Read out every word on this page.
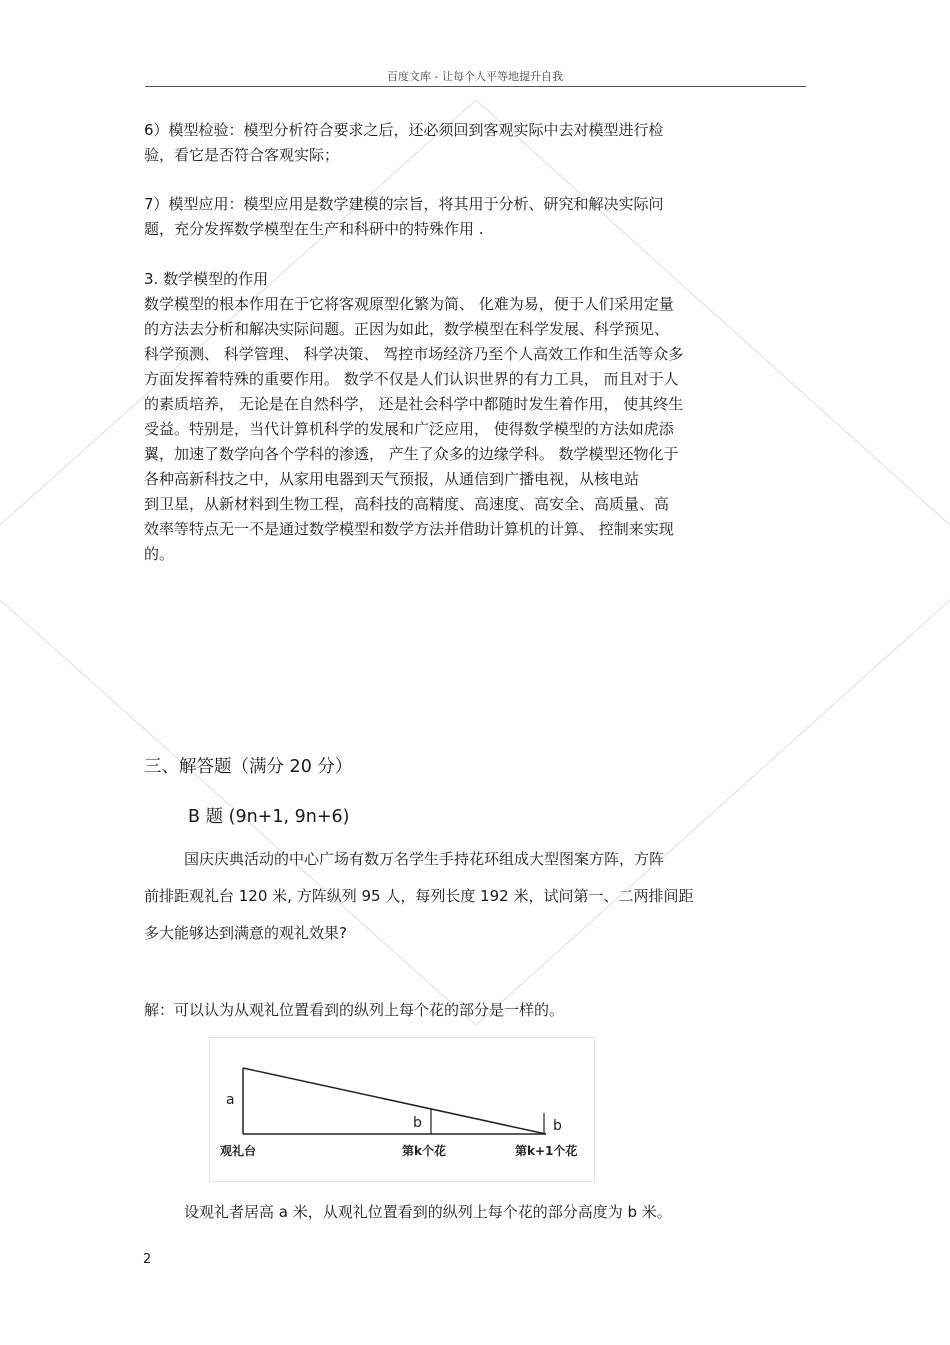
百度文库 - 让每个人平等地提升自我
6）模型检验：模型分析符合要求之后，还必须回到客观实际中去对模型进行检
验，看它是否符合客观实际；
7）模型应用：模型应用是数学建模的宗旨，将其用于分析、研究和解决实际问
题，充分发挥数学模型在生产和科研中的特殊作用 .
3. 数学模型的作用
数学模型的根本作用在于它将客观原型化繁为简、 化难为易，便于人们采用定量
的方法去分析和解决实际问题。正因为如此，数学模型在科学发展、科学预见、
科学预测、 科学管理、 科学决策、 驾控市场经济乃至个人高效工作和生活等众多
方面发挥着特殊的重要作用。 数学不仅是人们认识世界的有力工具， 而且对于人
的素质培养， 无论是在自然科学， 还是社会科学中都随时发生着作用， 使其终生
受益。特别是，当代计算机科学的发展和广泛应用， 使得数学模型的方法如虎添
翼，加速了数学向各个学科的渗透， 产生了众多的边缘学科。 数学模型还物化于
各种高新科技之中，从家用电器到天气预报，从通信到广播电视，从核电站
到卫星，从新材料到生物工程，高科技的高精度、高速度、高安全、高质量、高
效率等特点无一不是通过数学模型和数学方法并借助计算机的计算、 控制来实现
的。
三、解答题（满分 20 分）
B 题 (9n+1, 9n+6)
国庆庆典活动的中心广场有数万名学生手持花环组成大型图案方阵，方阵
前排距观礼台 120 米, 方阵纵列 95 人，每列长度 192 米，试问第一、二两排间距
多大能够达到满意的观礼效果?
解：可以认为从观礼位置看到的纵列上每个花的部分是一样的。
a
b	b
观礼台	第k个花	第k+1个花
设观礼者居高 a 米，从观礼位置看到的纵列上每个花的部分高度为 b 米。
2
